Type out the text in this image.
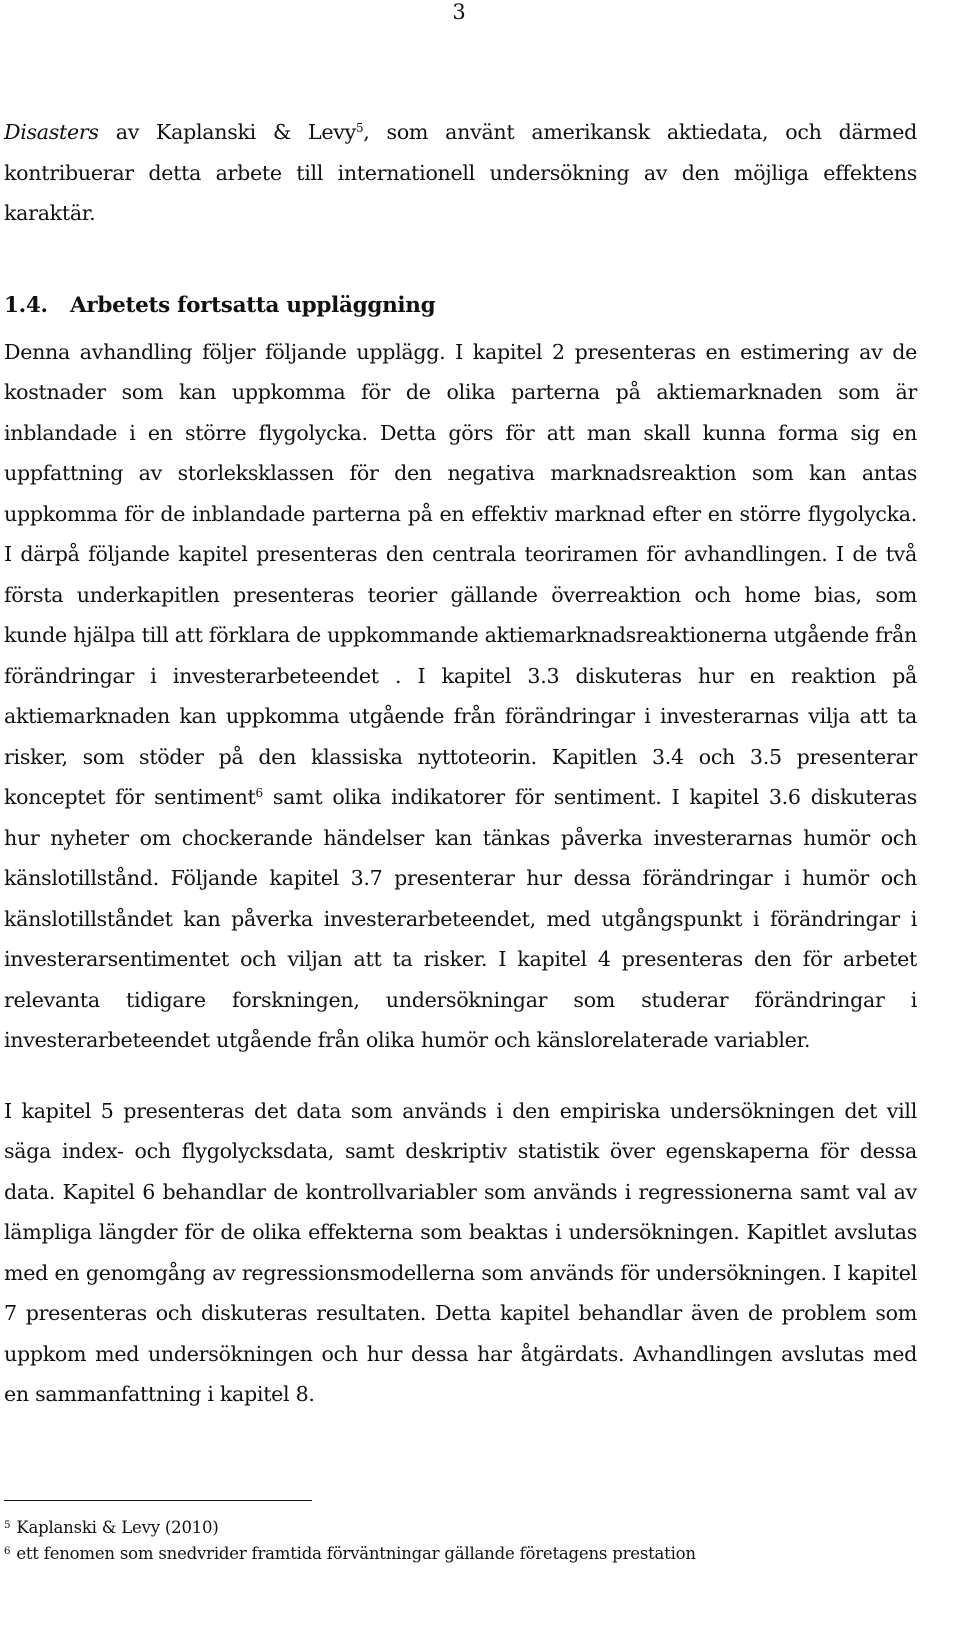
3

Disasters av Kaplanski & Levy$^5$, som använt amerikansk aktiedata, och därmed kontribuerar detta arbete till internationell undersökning av den möjliga effektens karaktär.

1.4. Arbetets fortsatta uppläggning

Denna avhandling följer följande upplägg. I kapitel 2 presenteras en estimering av de kostnader som kan uppkomma för de olika parterna på aktiemarknaden som är inblandade i en större flygolycka. Detta görs för att man skall kunna forma sig en uppfattning av storleksklassen för den negativa marknadsreaktion som kan antas uppkomma för de inblandade parterna på en effektiv marknad efter en större flygolycka. I därpå följande kapitel presenteras den centrala teoriramen för avhandlingen. I de två första underkapitlen presenteras teorier gällande överreaktion och home bias, som kunde hjälpa till att förklara de uppkommande aktiemarknadsreaktionerna utgående från förändringar i investerarbeteendet . I kapitel 3.3 diskuteras hur en reaktion på aktiemarknaden kan uppkomma utgående från förändringar i investerarnas vilja att ta risker, som stöder på den klassiska nyttoteorin. Kapitlen 3.4 och 3.5 presenterar konceptet för sentiment$^6$ samt olika indikatorer för sentiment. I kapitel 3.6 diskuteras hur nyheter om chockerande händelser kan tänkas påverka investerarnas humör och känslotillstånd. Följande kapitel 3.7 presenterar hur dessa förändringar i humör och känslotillståndet kan påverka investerarbeteendet, med utgångspunkt i förändringar i investerarsentimentet och viljan att ta risker. I kapitel 4 presenteras den för arbetet relevanta tidigare forskningen, undersökningar som studerar förändringar i investerarbeteendet utgående från olika humör och känslorelaterade variabler.

I kapitel 5 presenteras det data som används i den empiriska undersökningen det vill säga index- och flygolycksdata, samt deskriptiv statistik över egenskaperna för dessa data. Kapitel 6 behandlar de kontrollvariabler som används i regressionerna samt val av lämpliga längder för de olika effekterna som beaktas i undersökningen. Kapitlet avslutas med en genomgång av regressionsmodellerna som används för undersökningen. I kapitel 7 presenteras och diskuteras resultaten. Detta kapitel behandlar även de problem som uppkom med undersökningen och hur dessa har åtgärdats. Avhandlingen avslutas med en sammanfattning i kapitel 8.

$^5$ Kaplanski & Levy (2010)

$^6$ ett fenomen som snedvrider framtida förväntningar gällande företagens prestation
